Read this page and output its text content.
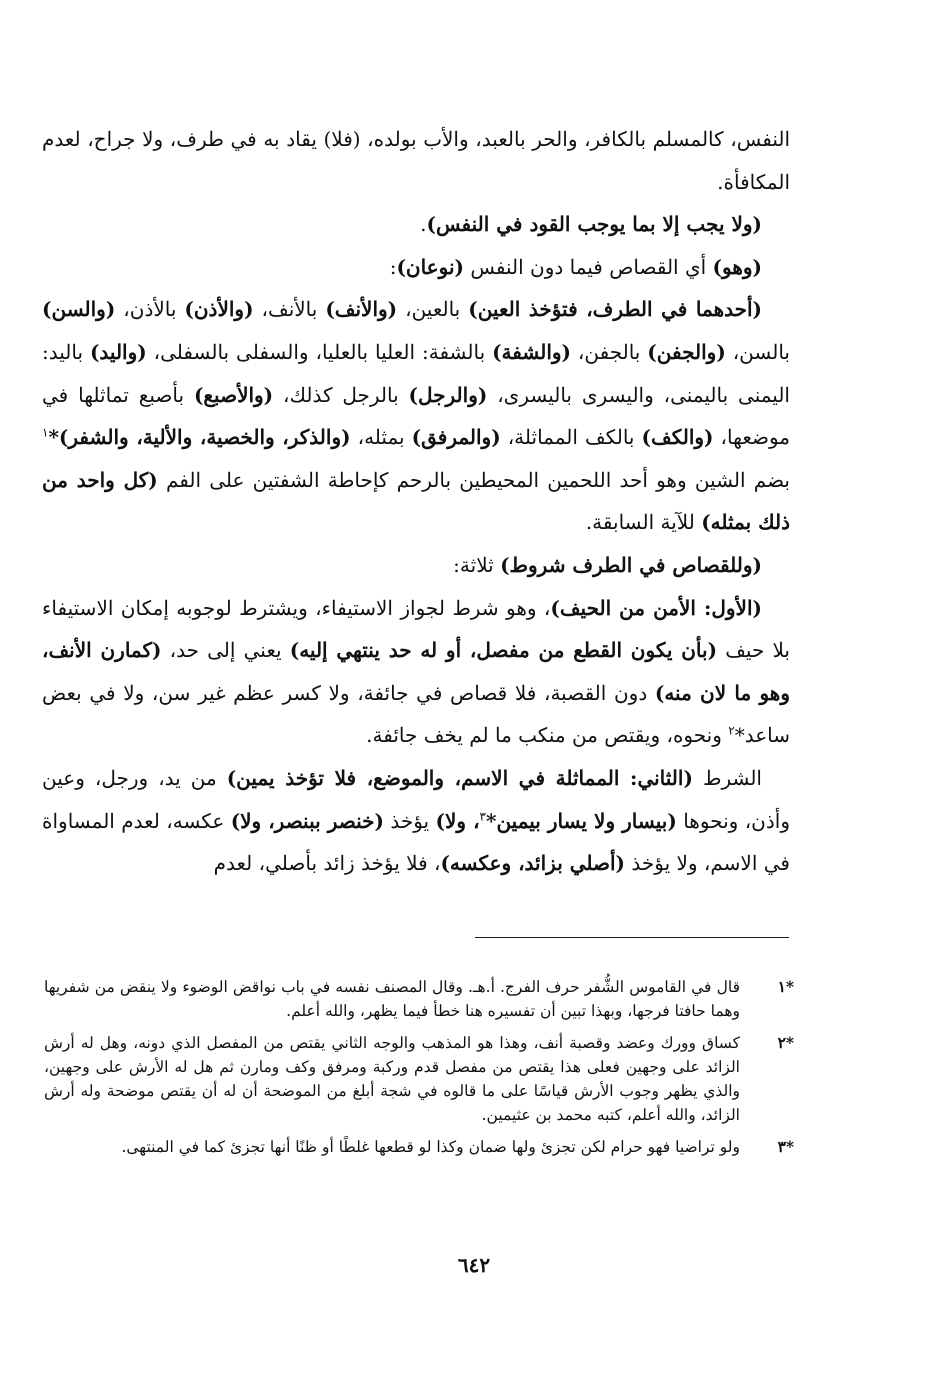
النفس، كالمسلم بالكافر، والحر بالعبد، والأب بولده، (فلا) يقاد به في طرف، ولا جراح، لعدم المكافأة.

(ولا يجب إلا بما يوجب القود في النفس).

(وهو) أي القصاص فيما دون النفس (نوعان):

(أحدهما في الطرف، فتؤخذ العين) بالعين، (والأنف) بالأنف، (والأذن) بالأذن، (والسن) بالسن، (والجفن) بالجفن، (والشفة) بالشفة: العليا بالعليا، والسفلى بالسفلى، (واليد) باليد: اليمنى باليمنى، واليسرى باليسرى، (والرجل) بالرجل كذلك، (والأصبع) بأصبع تماثلها في موضعها، (والكف) بالكف المماثلة، (والمرفق) بمثله، (والذكر، والخصية، والألية، والشفر)*$^١$ بضم الشين وهو أحد اللحمين المحيطين بالرحم كإحاطة الشفتين على الفم (كل واحد من ذلك بمثله) للآية السابقة.

(وللقصاص في الطرف شروط) ثلاثة:

(الأول: الأمن من الحيف)، وهو شرط لجواز الاستيفاء، ويشترط لوجوبه إمكان الاستيفاء بلا حيف (بأن يكون القطع من مفصل، أو له حد ينتهي إليه) يعني إلى حد، (كمارن الأنف، وهو ما لان منه) دون القصبة، فلا قصاص في جائفة، ولا كسر عظم غير سن، ولا في بعض ساعد*$^٢$ ونحوه، ويقتص من منكب ما لم يخف جائفة.

الشرط (الثاني: المماثلة في الاسم، والموضع، فلا تؤخذ يمين) من يد، ورجل، وعين وأذن، ونحوها (بيسار ولا يسار بيمين*$^٣$، ولا) يؤخذ (خنصر ببنصر، ولا) عكسه، لعدم المساواة في الاسم، ولا يؤخذ (أصلي بزائد، وعكسه)، فلا يؤخذ زائد بأصلي، لعدم

*١
قال في القاموس الشُّفر حرف الفرج. أ.هـ. وقال المصنف نفسه في باب نواقض الوضوء ولا ينقض من شفريها وهما حافتا فرجها، وبهذا تبين أن تفسيره هنا خطأ فيما يظهر، والله أعلم.
*٢
كساق وورك وعضد وقصبة أنف، وهذا هو المذهب والوجه الثاني يقتص من المفصل الذي دونه، وهل له أرش الزائد على وجهين فعلى هذا يقتص من مفصل قدم وركبة ومرفق وكف ومارن ثم هل له الأرش على وجهين، والذي يظهر وجوب الأرش قياسًا على ما قالوه في شجة أبلغ من الموضحة أن له أن يقتص موضحة وله أرش الزائد، والله أعلم، كتبه محمد بن عثيمين.
*٣
ولو تراضيا فهو حرام لكن تجزئ ولها ضمان وكذا لو قطعها غلطًا أو ظنًا أنها تجزئ كما في المنتهى.
٦٤٢
